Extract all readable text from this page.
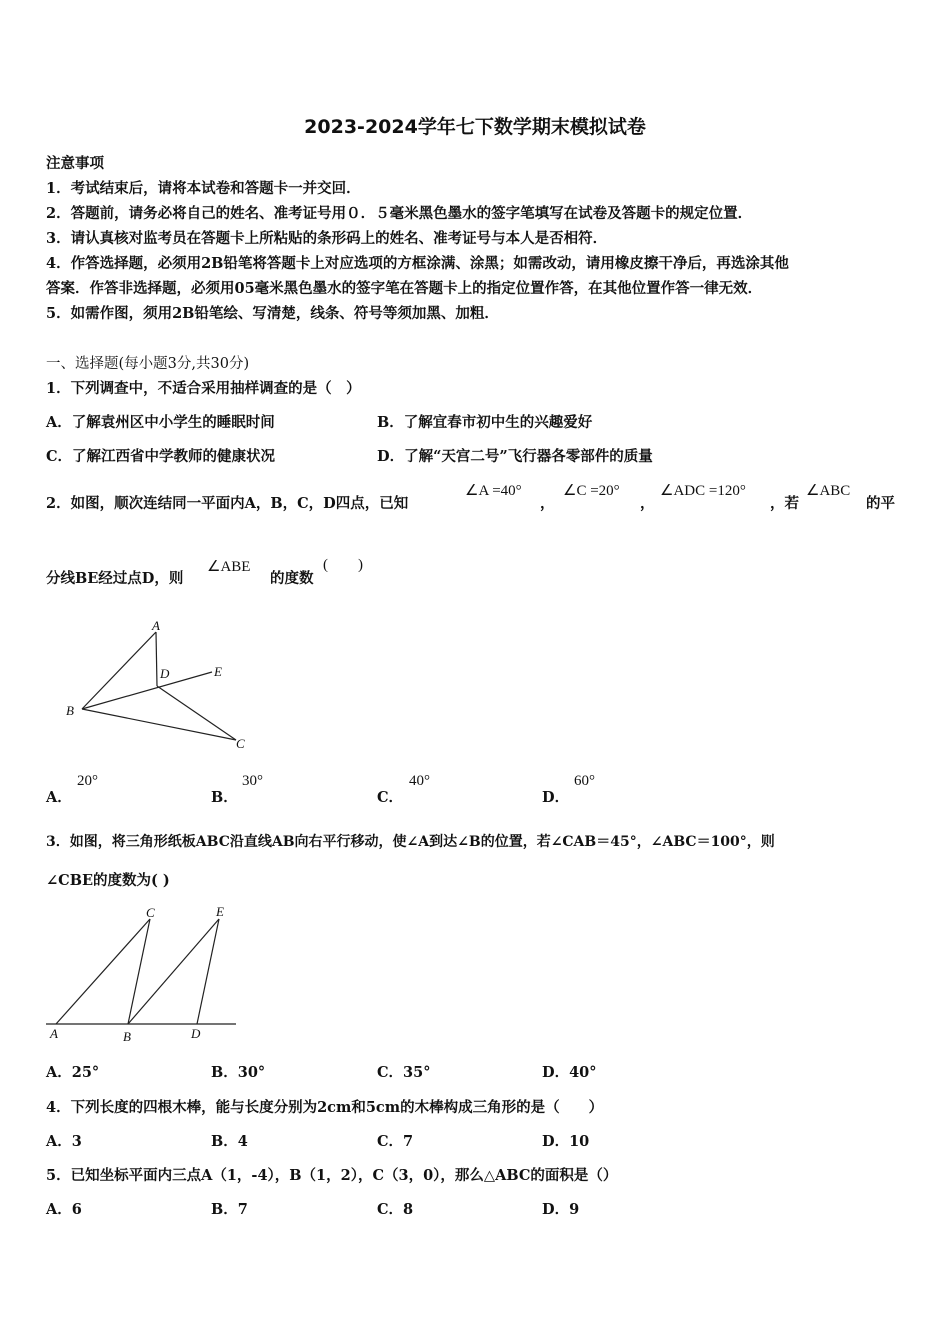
2023-2024学年七下数学期末模拟试卷
注意事项
1．考试结束后，请将本试卷和答题卡一并交回．
2．答题前，请务必将自己的姓名、准考证号用０．５毫米黑色墨水的签字笔填写在试卷及答题卡的规定位置．
3．请认真核对监考员在答题卡上所粘贴的条形码上的姓名、准考证号与本人是否相符．
4．作答选择题，必须用2B铅笔将答题卡上对应选项的方框涂满、涂黑；如需改动，请用橡皮擦干净后，再选涂其他
答案．作答非选择题，必须用05毫米黑色墨水的签字笔在答题卡上的指定位置作答，在其他位置作答一律无效．
5．如需作图，须用2B铅笔绘、写清楚，线条、符号等须加黑、加粗．
一、选择题(每小题3分,共30分)
1．下列调查中，不适合采用抽样调查的是（　）
A．了解袁州区中小学生的睡眠时间	B．了解宜春市初中生的兴趣爱好
C．了解江西省中学教师的健康状况	D．了解“天宫二号”飞行器各零部件的质量
2．如图，顺次连结同一平面内A，B，C，D四点，已知
∠A =40°
，
∠C =20°
，
∠ADC =120°
，若
∠ABC
的平
分线BE经过点D，则
∠ABE
的度数
(　　)
A
B
C
D	E
A．
20°
B．
30°
C．
40°
D．
60°
3．如图，将三角形纸板ABC沿直线AB向右平行移动，使∠A到达∠B的位置，若∠CAB＝45°，∠ABC＝100°，则
∠CBE的度数为( )
C	E
A	B	D
A．25°	B．30°	C．35°	D．40°
4．下列长度的四根木棒，能与长度分别为2cm和5cm的木棒构成三角形的是（　　）
A．3	B．4	C．7	D．10
5．已知坐标平面内三点A（1，-4），B（1，2），C（3，0），那么△ABC的面积是（）
A．6	B．7	C．8	D．9
